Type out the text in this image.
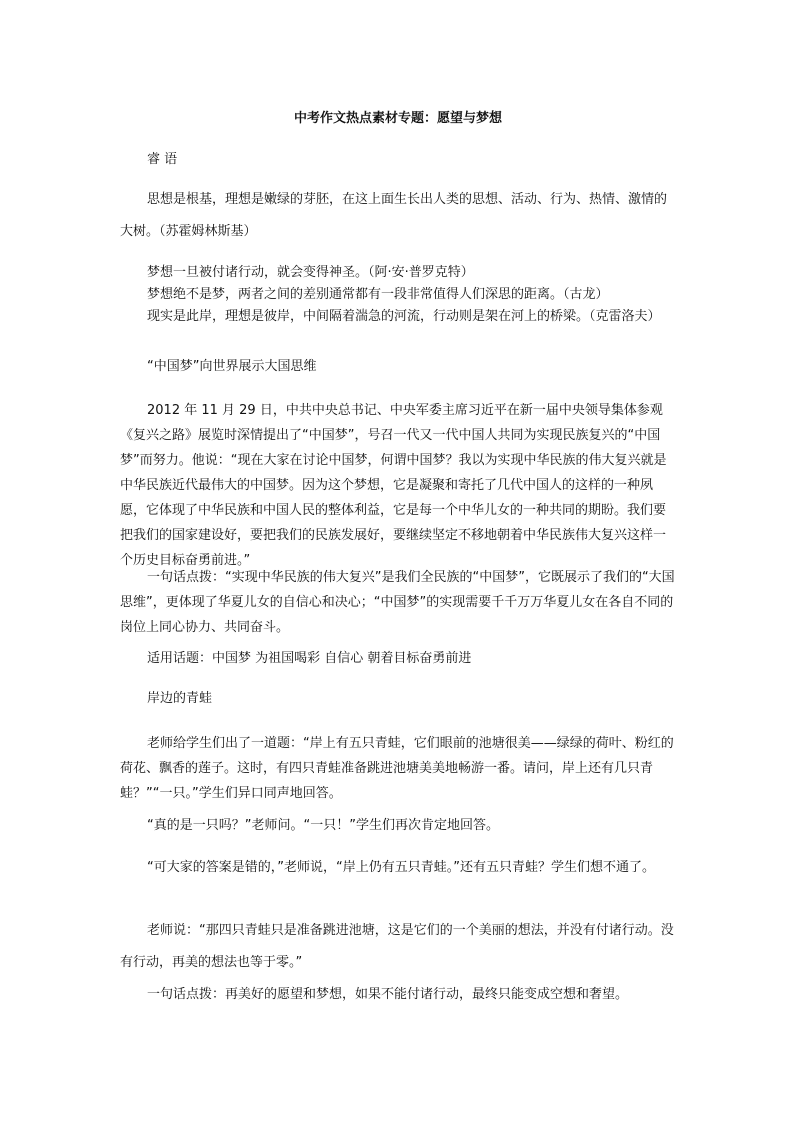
中考作文热点素材专题：愿望与梦想

睿 语

思想是根基，理想是嫩绿的芽胚，在这上面生长出人类的思想、活动、行为、热情、激情的大树。（苏霍姆林斯基）

梦想一旦被付诸行动，就会变得神圣。（阿·安·普罗克特）

梦想绝不是梦，两者之间的差别通常都有一段非常值得人们深思的距离。（古龙）

现实是此岸，理想是彼岸，中间隔着湍急的河流，行动则是架在河上的桥梁。（克雷洛夫）

“中国梦”向世界展示大国思维

2012 年 11 月 29 日，中共中央总书记、中央军委主席习近平在新一届中央领导集体参观《复兴之路》展览时深情提出了“中国梦”，号召一代又一代中国人共同为实现民族复兴的“中国梦”而努力。他说：“现在大家在讨论中国梦，何谓中国梦？我以为实现中华民族的伟大复兴就是中华民族近代最伟大的中国梦。因为这个梦想，它是凝聚和寄托了几代中国人的这样的一种夙愿，它体现了中华民族和中国人民的整体利益，它是每一个中华儿女的一种共同的期盼。我们要把我们的国家建设好，要把我们的民族发展好，要继续坚定不移地朝着中华民族伟大复兴这样一个历史目标奋勇前进。”

一句话点拨：“实现中华民族的伟大复兴”是我们全民族的“中国梦”，它既展示了我们的“大国思维”，更体现了华夏儿女的自信心和决心；“中国梦”的实现需要千千万万华夏儿女在各自不同的岗位上同心协力、共同奋斗。

适用话题：中国梦 为祖国喝彩 自信心 朝着目标奋勇前进

岸边的青蛙

老师给学生们出了一道题：“岸上有五只青蛙，它们眼前的池塘很美——绿绿的荷叶、粉红的荷花、飘香的莲子。这时，有四只青蛙准备跳进池塘美美地畅游一番。请问，岸上还有几只青蛙？”“一只。”学生们异口同声地回答。

“真的是一只吗？”老师问。“一只！”学生们再次肯定地回答。

“可大家的答案是错的，”老师说，“岸上仍有五只青蛙。”还有五只青蛙？学生们想不通了。

老师说：“那四只青蛙只是准备跳进池塘，这是它们的一个美丽的想法，并没有付诸行动。没有行动，再美的想法也等于零。”

一句话点拨：再美好的愿望和梦想，如果不能付诸行动，最终只能变成空想和奢望。
